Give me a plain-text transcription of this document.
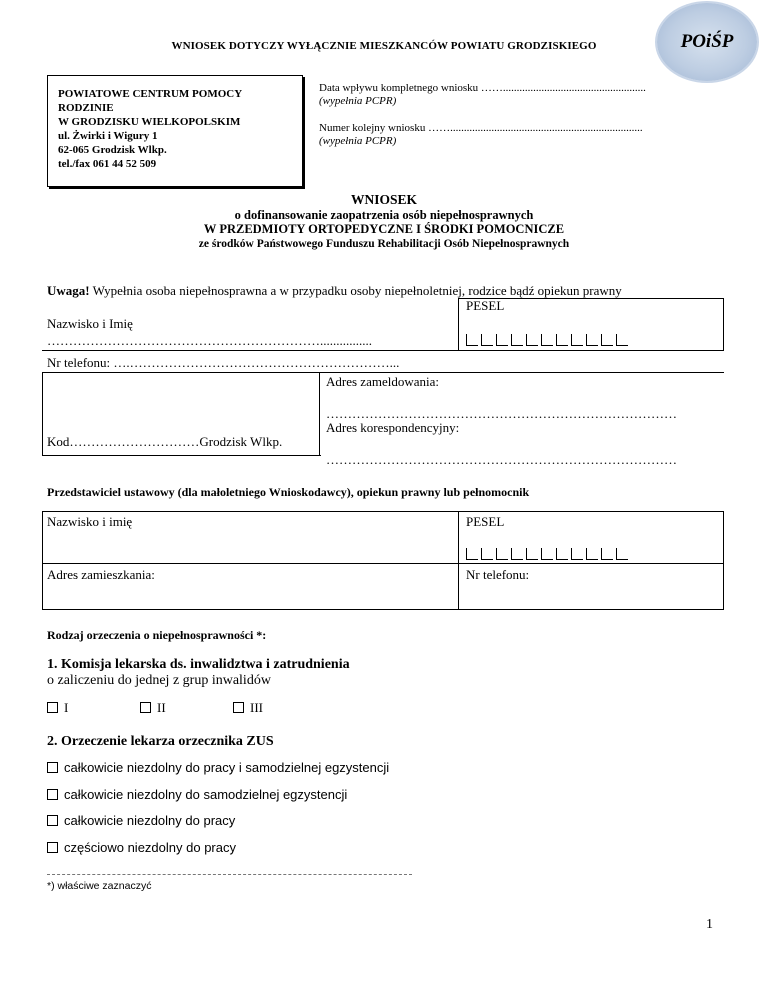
WNIOSEK DOTYCZY WYŁĄCZNIE MIESZKANCÓW POWIATU GRODZISKIEGO	POiŚP
POWIATOWE CENTRUM POMOCY
RODZINIE
W GRODZISKU WIELKOPOLSKIM
ul. Żwirki i Wigury 1
62-065 Grodzisk Wlkp.
tel./fax 061 44 52 509
Data wpływu kompletnego wniosku ……....................................................
(wypełnia PCPR)
Numer kolejny wniosku ……......................................................................
(wypełnia PCPR)
WNIOSEK
o dofinansowanie zaopatrzenia osób niepełnosprawnych
W PRZEDMIOTY ORTOPEDYCZNE I ŚRODKI POMOCNICZE
ze środków Państwowego Funduszu Rehabilitacji Osób Niepełnosprawnych
Uwaga! Wypełnia osoba niepełnosprawna a w przypadku osoby niepełnoletniej, rodzice bądź opiekun prawny
PESEL
Nazwisko i Imię
………………………………………………………................
Nr telefonu: ….……………………………………………………...
Adres zameldowania:
………………………………………………………………………
Adres korespondencyjny:
………………………………………………………………………
Kod…………………………Grodzisk Wlkp.
Przedstawiciel ustawowy (dla małoletniego Wnioskodawcy), opiekun prawny lub pełnomocnik
Nazwisko i imię	PESEL
Adres zamieszkania:	Nr telefonu:
Rodzaj orzeczenia o niepełnosprawności *:
1. Komisja lekarska ds. inwalidztwa i zatrudnienia
o zaliczeniu do jednej z grup inwalidów
I	II	III
2. Orzeczenie lekarza orzecznika ZUS
całkowicie niezdolny do pracy i samodzielnej egzystencji
całkowicie niezdolny do samodzielnej egzystencji
całkowicie niezdolny do pracy
częściowo niezdolny do pracy
*) właściwe zaznaczyć
1
